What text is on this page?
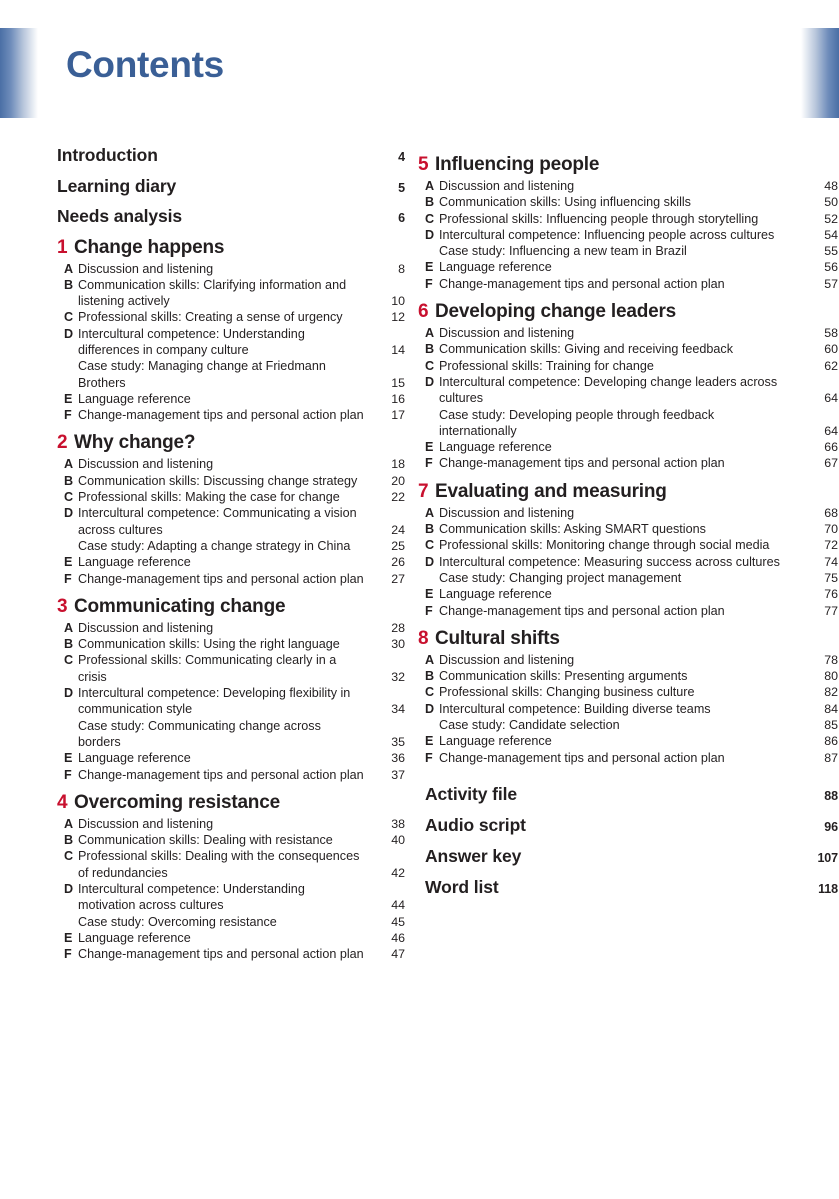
Contents
Introduction	4
Learning diary	5
Needs analysis	6
1 Change happens
A Discussion and listening	8
B Communication skills: Clarifying information and listening actively	10
C Professional skills: Creating a sense of urgency	12
D Intercultural competence: Understanding differences in company culture	14
Case study: Managing change at Friedmann Brothers	15
E Language reference	16
F Change-management tips and personal action plan	17
2 Why change?
A Discussion and listening	18
B Communication skills: Discussing change strategy	20
C Professional skills: Making the case for change	22
D Intercultural competence: Communicating a vision across cultures	24
Case study: Adapting a change strategy in China	25
E Language reference	26
F Change-management tips and personal action plan	27
3 Communicating change
A Discussion and listening	28
B Communication skills: Using the right language	30
C Professional skills: Communicating clearly in a crisis	32
D Intercultural competence: Developing flexibility in communication style	34
Case study: Communicating change across borders	35
E Language reference	36
F Change-management tips and personal action plan	37
4 Overcoming resistance
A Discussion and listening	38
B Communication skills: Dealing with resistance	40
C Professional skills: Dealing with the consequences of redundancies	42
D Intercultural competence: Understanding motivation across cultures	44
Case study: Overcoming resistance	45
E Language reference	46
F Change-management tips and personal action plan	47
5 Influencing people
A Discussion and listening	48
B Communication skills: Using influencing skills	50
C Professional skills: Influencing people through storytelling	52
D Intercultural competence: Influencing people across cultures	54
Case study: Influencing a new team in Brazil	55
E Language reference	56
F Change-management tips and personal action plan	57
6 Developing change leaders
A Discussion and listening	58
B Communication skills: Giving and receiving feedback	60
C Professional skills: Training for change	62
D Intercultural competence: Developing change leaders across cultures	64
Case study: Developing people through feedback internationally	64
E Language reference	66
F Change-management tips and personal action plan	67
7 Evaluating and measuring
A Discussion and listening	68
B Communication skills: Asking SMART questions	70
C Professional skills: Monitoring change through social media	72
D Intercultural competence: Measuring success across cultures	74
Case study: Changing project management	75
E Language reference	76
F Change-management tips and personal action plan	77
8 Cultural shifts
A Discussion and listening	78
B Communication skills: Presenting arguments	80
C Professional skills: Changing business culture	82
D Intercultural competence: Building diverse teams	84
Case study: Candidate selection	85
E Language reference	86
F Change-management tips and personal action plan	87
Activity file	88
Audio script	96
Answer key	107
Word list	118
